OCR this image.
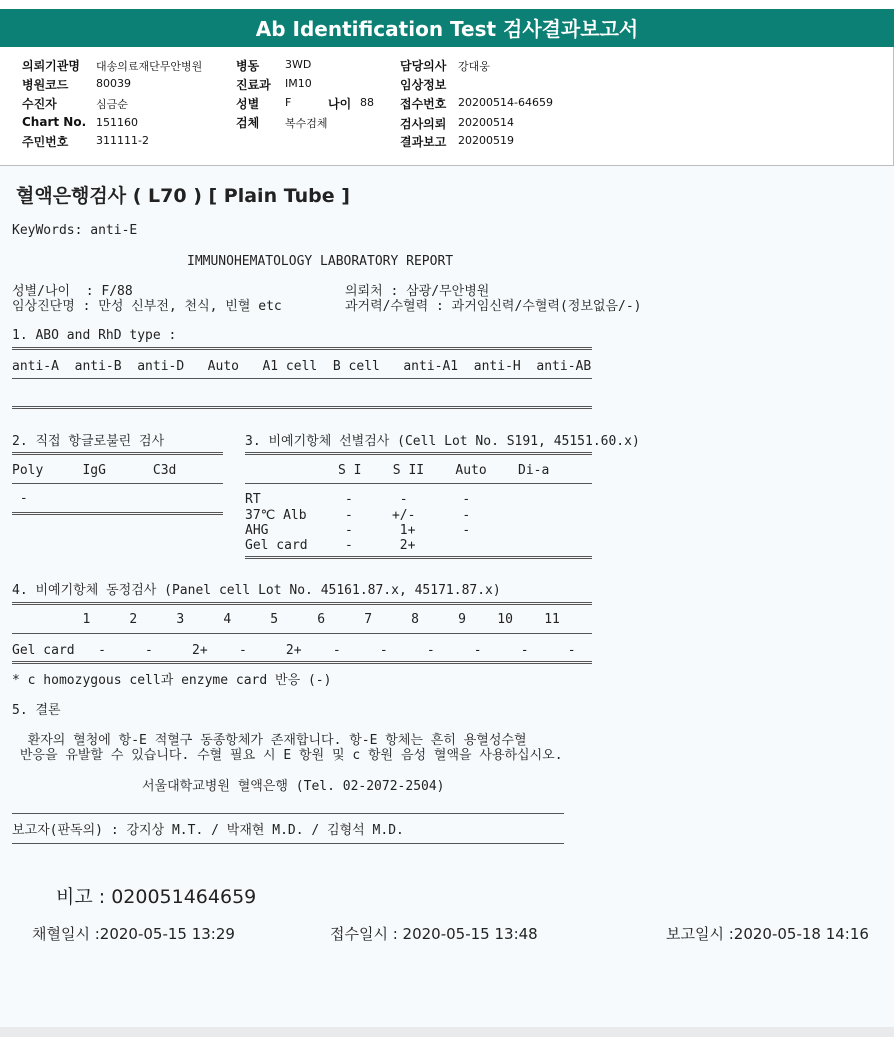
Ab Identification Test 검사결과보고서
의뢰기관명 대송의료재단무안병원
병원코드	80039
수진자	심금순
Chart No. 151160
주민번호	311111-2
병동 3WD
진료과 IM10
성별 F	나이 88
검체 복수검체
담당의사 강대웅
임상정보
접수번호 20200514-64659
검사의뢰 20200514
결과보고 20200519
혈액은행검사 ( L70 ) [ Plain Tube ]
KeyWords: anti-E
IMMUNOHEMATOLOGY LABORATORY REPORT
성별/나이  : F/88
임상진단명 : 만성 신부전, 천식, 빈혈 etc
의뢰처 : 삼광/무안병원
과거력/수혈력 : 과거임신력/수혈력(정보없음/-)
1. ABO and RhD type :
anti-A  anti-B  anti-D   Auto   A1 cell  B cell   anti-A1  anti-H  anti-AB
2. 직접 항글로불린 검사
Poly     IgG      C3d
-
3. 비예기항체 선별검사 (Cell Lot No. S191, 45151.60.x)
S I    S II    Auto    Di-a
RT	-      -       -
37℃ Alb	-     +/-      -
AHG	-      1+      -
Gel card	-      2+
4. 비예기항체 동정검사 (Panel cell Lot No. 45161.87.x, 45171.87.x)
1     2     3     4     5     6     7     8     9    10    11
Gel card   -     -     2+    -     2+    -     -     -     -     -     -
* c homozygous cell과 enzyme card 반응 (-)
5. 결론
환자의 혈청에 항-E 적혈구 동종항체가 존재합니다. 항-E 항체는 흔히 용혈성수혈
반응을 유발할 수 있습니다. 수혈 필요 시 E 항원 및 c 항원 음성 혈액을 사용하십시오.
서울대학교병원 혈액은행 (Tel. 02-2072-2504)
보고자(판독의) : 강지상 M.T. / 박재현 M.D. / 김형석 M.D.
비고 : 020051464659
채혈일시 :2020-05-15 13:29	접수일시 : 2020-05-15 13:48	보고일시 :2020-05-18 14:16
